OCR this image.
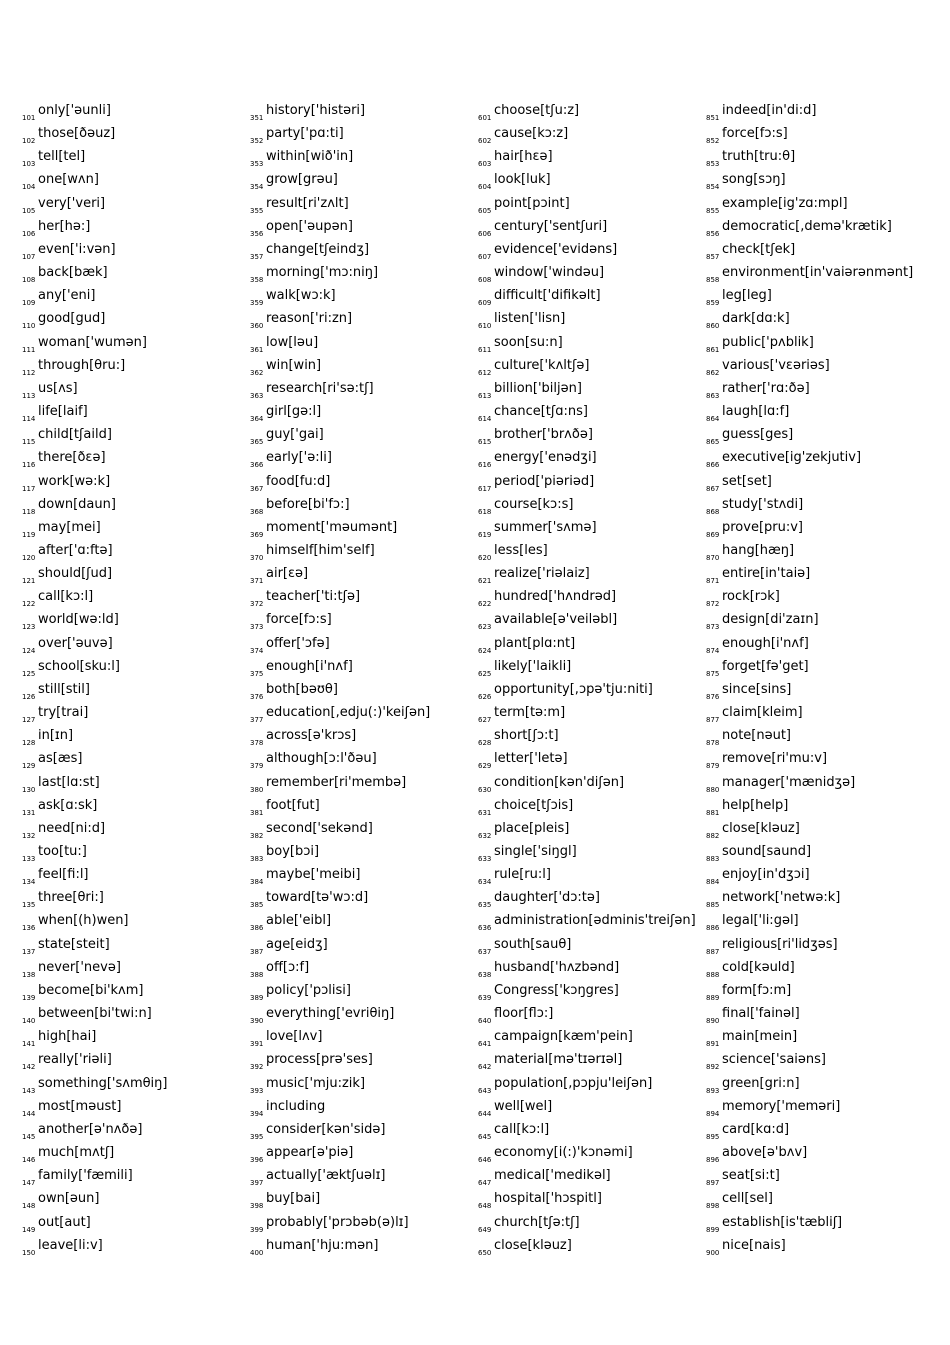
101 only['əunli]
102 those[ðəuz]
103 tell[tel]
104 one[wʌn]
105 very['veri]
106 her[hə:]
107 even['i:vən]
108 back[bæk]
109 any['eni]
110 good[gud]
111 woman['wumən]
112 through[θru:]
113 us[ʌs]
114 life[laif]
115 child[tʃaild]
116 there[ðεə]
117 work[wə:k]
118 down[daun]
119 may[mei]
120 after['ɑ:ftə]
121 should[ʃud]
122 call[kɔ:l]
123 world[wə:ld]
124 over['əuvə]
125 school[sku:l]
126 still[stil]
127 try[trai]
128 in[ɪn]
129 as[æs]
130 last[lɑ:st]
131 ask[ɑ:sk]
132 need[ni:d]
133 too[tu:]
134 feel[fi:l]
135 three[θri:]
136 when[(h)wen]
137 state[steit]
138 never['nevə]
139 become[bi'kʌm]
140 between[bi'twi:n]
141 high[hai]
142 really['riəli]
143 something['sʌmθiŋ]
144 most[məust]
145 another[ə'nʌðə]
146 much[mʌtʃ]
147 family['fæmili]
148 own[əun]
149 out[aut]
150 leave[li:v]
351 history['histəri]
352 party['pɑ:ti]
353 within[wið'in]
354 grow[grəu]
355 result[ri'zʌlt]
356 open['əupən]
357 change[tʃeindʒ]
358 morning['mɔ:niŋ]
359 walk[wɔ:k]
360 reason['ri:zn]
361 low[ləu]
362 win[win]
363 research[ri'sə:tʃ]
364 girl[gə:l]
365 guy['gai]
366 early['ə:li]
367 food[fu:d]
368 before[bi'fɔ:]
369 moment['məumənt]
370 himself[him'self]
371 air[εə]
372 teacher['ti:tʃə]
373 force[fɔ:s]
374 offer['ɔfə]
375 enough[i'nʌf]
376 both[bəʊθ]
377 education[,edju(:)'keiʃən]
378 across[ə'krɔs]
379 although[ɔ:l'ðəu]
380 remember[ri'membə]
381 foot[fut]
382 second['sekənd]
383 boy[bɔi]
384 maybe['meibi]
385 toward[tə'wɔ:d]
386 able['eibl]
387 age[eidʒ]
388 off[ɔ:f]
389 policy['pɔlisi]
390 everything['evriθiŋ]
391 love[lʌv]
392 process[prə'ses]
393 music['mju:zik]
394 including
395 consider[kən'sidə]
396 appear[ə'piə]
397 actually['æktʃuəlɪ]
398 buy[bai]
399 probably['prɔbəb(ə)lɪ]
400 human['hju:mən]
601 choose[tʃu:z]
602 cause[kɔ:z]
603 hair[hεə]
604 look[luk]
605 point[pɔint]
606 century['sentʃuri]
607 evidence['evidəns]
608 window['windəu]
609 difficult['difikəlt]
610 listen['lisn]
611 soon[su:n]
612 culture['kʌltʃə]
613 billion['biljən]
614 chance[tʃɑ:ns]
615 brother['brʌðə]
616 energy['enədʒi]
617 period['piəriəd]
618 course[kɔ:s]
619 summer['sʌmə]
620 less[les]
621 realize['riəlaiz]
622 hundred['hʌndrəd]
623 available[ə'veiləbl]
624 plant[plɑ:nt]
625 likely['laikli]
626 opportunity[,ɔpə'tju:niti]
627 term[tə:m]
628 short[ʃɔ:t]
629 letter['letə]
630 condition[kən'diʃən]
631 choice[tʃɔis]
632 place[pleis]
633 single['siŋgl]
634 rule[ru:l]
635 daughter['dɔ:tə]
636 administration[ədminis'treiʃən]
637 south[sauθ]
638 husband['hʌzbənd]
639 Congress['kɔŋgres]
640 floor[flɔ:]
641 campaign[kæm'pein]
642 material[mə'tɪərɪəl]
643 population[,pɔpju'leiʃən]
644 well[wel]
645 call[kɔ:l]
646 economy[i(:)'kɔnəmi]
647 medical['medikəl]
648 hospital['hɔspitl]
649 church[tʃə:tʃ]
650 close[kləuz]
851 indeed[in'di:d]
852 force[fɔ:s]
853 truth[tru:θ]
854 song[sɔŋ]
855 example[ig'zɑ:mpl]
856 democratic[,demə'krætik]
857 check[tʃek]
858 environment[in'vaiərənmənt]
859 leg[leg]
860 dark[dɑ:k]
861 public['pʌblik]
862 various['vεəriəs]
863 rather['rɑ:ðə]
864 laugh[lɑ:f]
865 guess[ges]
866 executive[ig'zekjutiv]
867 set[set]
868 study['stʌdi]
869 prove[pru:v]
870 hang[hæŋ]
871 entire[in'taiə]
872 rock[rɔk]
873 design[di'zaɪn]
874 enough[i'nʌf]
875 forget[fə'get]
876 since[sins]
877 claim[kleim]
878 note[nəut]
879 remove[ri'mu:v]
880 manager['mænidʒə]
881 help[help]
882 close[kləuz]
883 sound[saund]
884 enjoy[in'dʒɔi]
885 network['netwə:k]
886 legal['li:gəl]
887 religious[ri'lidʒəs]
888 cold[kəuld]
889 form[fɔ:m]
890 final['fainəl]
891 main[mein]
892 science['saiəns]
893 green[gri:n]
894 memory['meməri]
895 card[kɑ:d]
896 above[ə'bʌv]
897 seat[si:t]
898 cell[sel]
899 establish[is'tæbliʃ]
900 nice[nais]
